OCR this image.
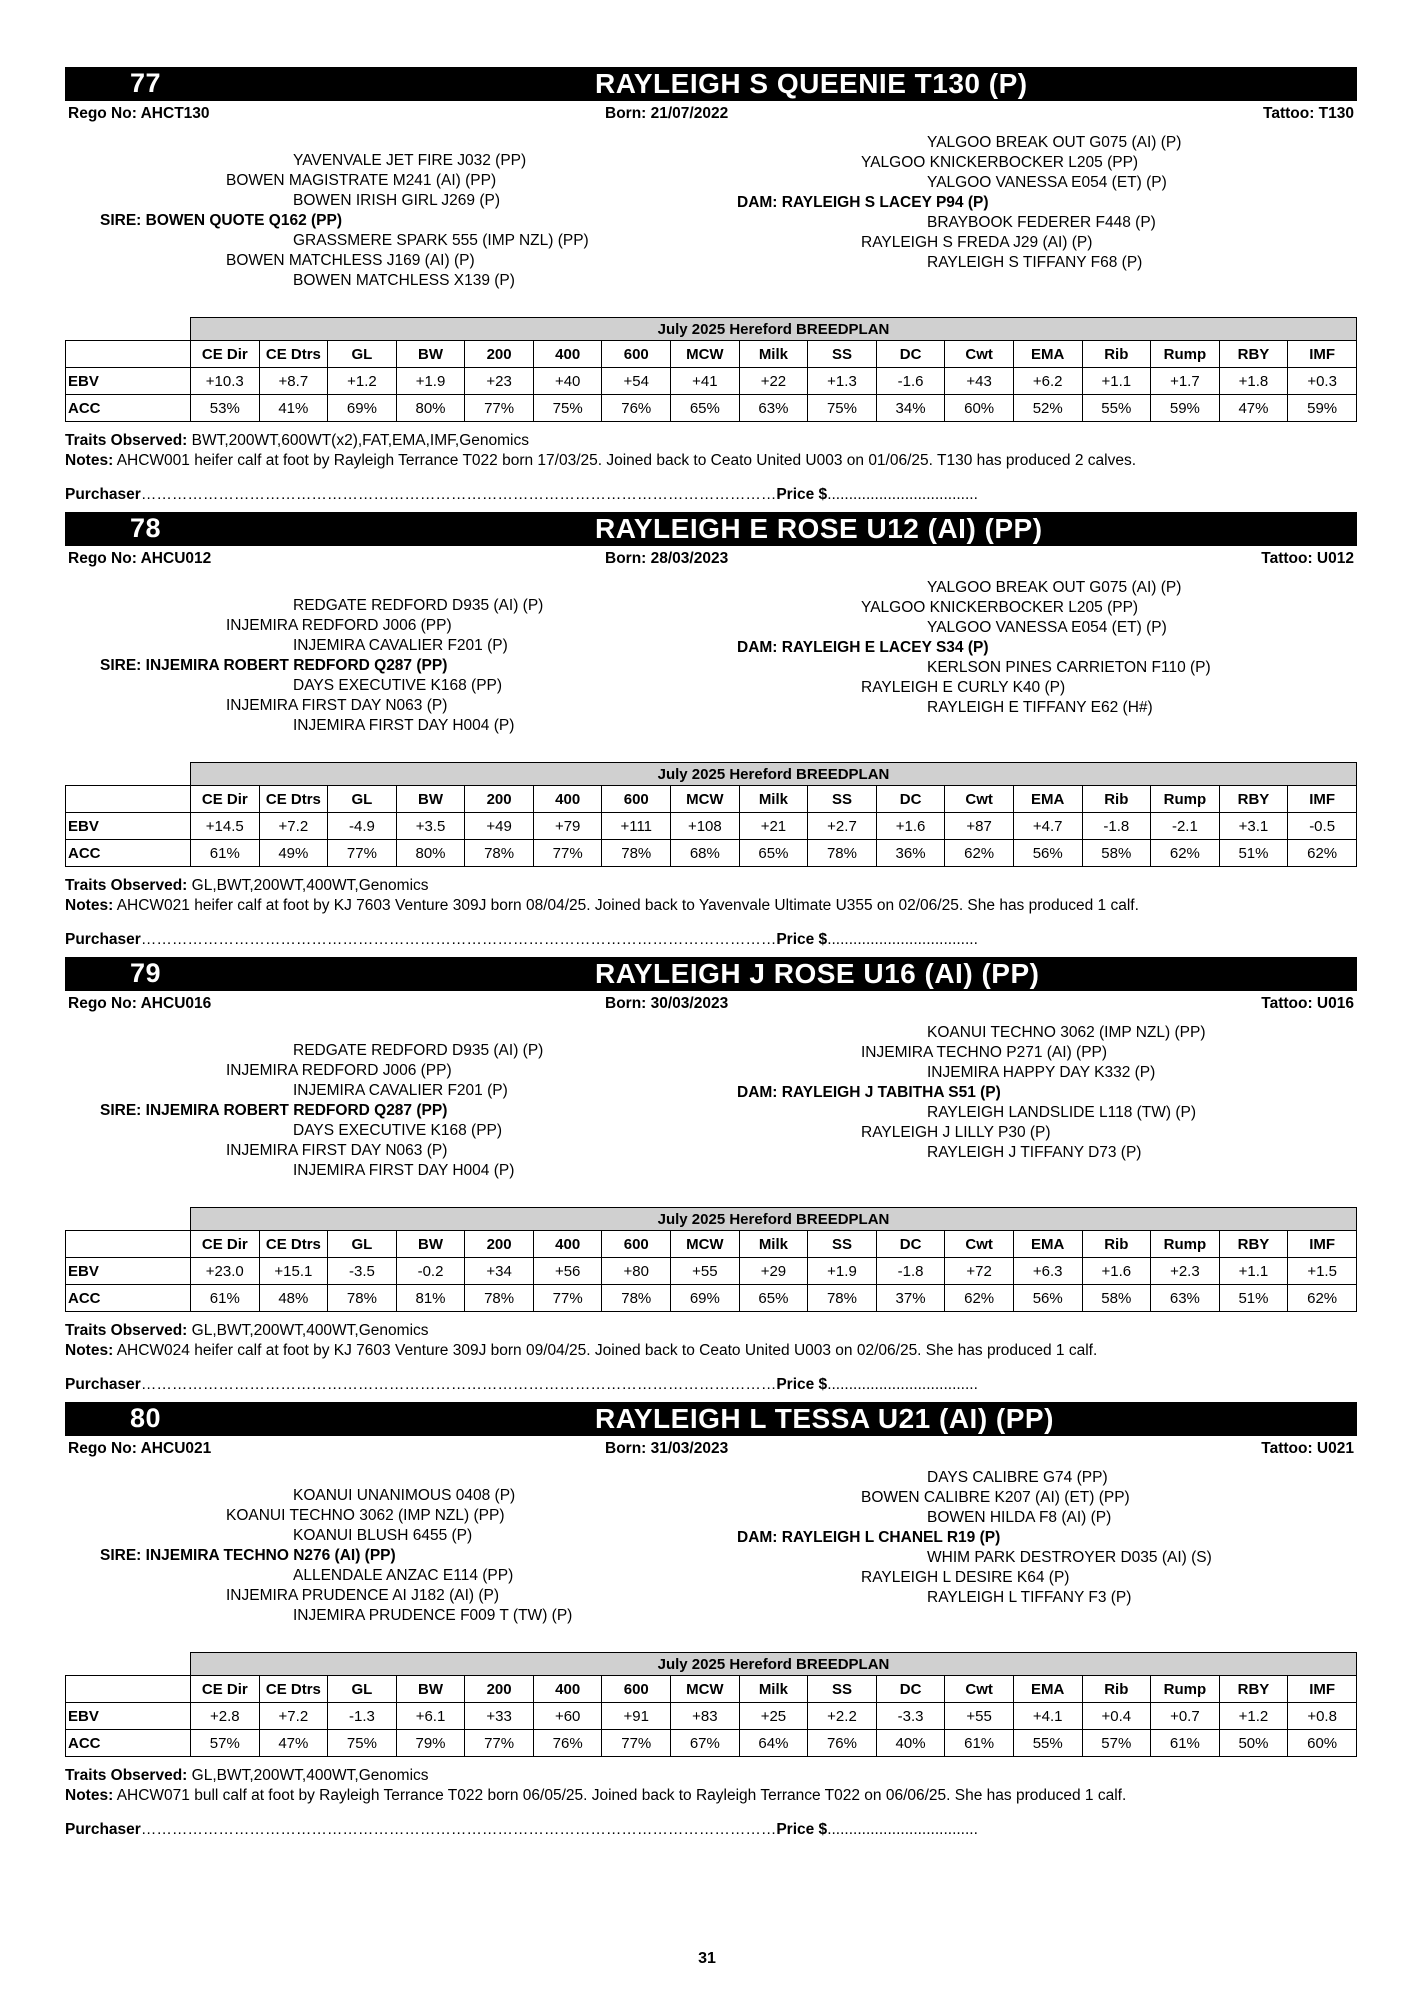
77	RAYLEIGH S QUEENIE T130 (P)
Rego No: AHCT130	Born: 21/07/2022	Tattoo: T130
YAVENVALE JET FIRE J032 (PP)
BOWEN MAGISTRATE M241 (AI) (PP)
BOWEN IRISH GIRL J269 (P)
SIRE: BOWEN QUOTE Q162 (PP)
GRASSMERE SPARK 555 (IMP NZL) (PP)
BOWEN MATCHLESS J169 (AI) (P)
BOWEN MATCHLESS X139 (P)
YALGOO BREAK OUT G075 (AI) (P)
YALGOO KNICKERBOCKER L205 (PP)
YALGOO VANESSA E054 (ET) (P)
DAM: RAYLEIGH S LACEY P94 (P)
BRAYBOOK FEDERER F448 (P)
RAYLEIGH S FREDA J29 (AI) (P)
RAYLEIGH S TIFFANY F68 (P)
	July 2025 Hereford BREEDPLAN																
	CE Dir	CE Dtrs	GL	BW	200	400	600	MCW	Milk	SS	DC	Cwt	EMA	Rib	Rump	RBY	IMF
EBV	+10.3	+8.7	+1.2	+1.9	+23	+40	+54	+41	+22	+1.3	-1.6	+43	+6.2	+1.1	+1.7	+1.8	+0.3
ACC	53%	41%	69%	80%	77%	75%	76%	65%	63%	75%	34%	60%	52%	55%	59%	47%	59%
Traits Observed: BWT,200WT,600WT(x2),FAT,EMA,IMF,Genomics
Notes: AHCW001 heifer calf at foot by Rayleigh Terrance T022 born 17/03/25. Joined back to Ceato United U003 on 01/06/25. T130 has produced 2 calves.
Purchaser……………………………………………………………………………………………………………Price $...................................
78	RAYLEIGH E ROSE U12 (AI) (PP)
Rego No: AHCU012	Born: 28/03/2023	Tattoo: U012
REDGATE REDFORD D935 (AI) (P)
INJEMIRA REDFORD J006 (PP)
INJEMIRA CAVALIER F201 (P)
SIRE: INJEMIRA ROBERT REDFORD Q287 (PP)
DAYS EXECUTIVE K168 (PP)
INJEMIRA FIRST DAY N063 (P)
INJEMIRA FIRST DAY H004 (P)
YALGOO BREAK OUT G075 (AI) (P)
YALGOO KNICKERBOCKER L205 (PP)
YALGOO VANESSA E054 (ET) (P)
DAM: RAYLEIGH E LACEY S34 (P)
KERLSON PINES CARRIETON F110 (P)
RAYLEIGH E CURLY K40 (P)
RAYLEIGH E TIFFANY E62 (H#)
	July 2025 Hereford BREEDPLAN																
	CE Dir	CE Dtrs	GL	BW	200	400	600	MCW	Milk	SS	DC	Cwt	EMA	Rib	Rump	RBY	IMF
EBV	+14.5	+7.2	-4.9	+3.5	+49	+79	+111	+108	+21	+2.7	+1.6	+87	+4.7	-1.8	-2.1	+3.1	-0.5
ACC	61%	49%	77%	80%	78%	77%	78%	68%	65%	78%	36%	62%	56%	58%	62%	51%	62%
Traits Observed: GL,BWT,200WT,400WT,Genomics
Notes: AHCW021 heifer calf at foot by KJ 7603 Venture 309J born 08/04/25. Joined back to Yavenvale Ultimate U355 on 02/06/25. She has produced 1 calf.
Purchaser……………………………………………………………………………………………………………Price $...................................
79	RAYLEIGH J ROSE U16 (AI) (PP)
Rego No: AHCU016	Born: 30/03/2023	Tattoo: U016
REDGATE REDFORD D935 (AI) (P)
INJEMIRA REDFORD J006 (PP)
INJEMIRA CAVALIER F201 (P)
SIRE: INJEMIRA ROBERT REDFORD Q287 (PP)
DAYS EXECUTIVE K168 (PP)
INJEMIRA FIRST DAY N063 (P)
INJEMIRA FIRST DAY H004 (P)
KOANUI TECHNO 3062 (IMP NZL) (PP)
INJEMIRA TECHNO P271 (AI) (PP)
INJEMIRA HAPPY DAY K332 (P)
DAM: RAYLEIGH J TABITHA S51 (P)
RAYLEIGH LANDSLIDE L118 (TW) (P)
RAYLEIGH J LILLY P30 (P)
RAYLEIGH J TIFFANY D73 (P)
	July 2025 Hereford BREEDPLAN																
	CE Dir	CE Dtrs	GL	BW	200	400	600	MCW	Milk	SS	DC	Cwt	EMA	Rib	Rump	RBY	IMF
EBV	+23.0	+15.1	-3.5	-0.2	+34	+56	+80	+55	+29	+1.9	-1.8	+72	+6.3	+1.6	+2.3	+1.1	+1.5
ACC	61%	48%	78%	81%	78%	77%	78%	69%	65%	78%	37%	62%	56%	58%	63%	51%	62%
Traits Observed: GL,BWT,200WT,400WT,Genomics
Notes: AHCW024 heifer calf at foot by KJ 7603 Venture 309J born 09/04/25. Joined back to Ceato United U003 on 02/06/25. She has produced 1 calf.
Purchaser……………………………………………………………………………………………………………Price $...................................
80	RAYLEIGH L TESSA U21 (AI) (PP)
Rego No: AHCU021	Born: 31/03/2023	Tattoo: U021
KOANUI UNANIMOUS 0408 (P)
KOANUI TECHNO 3062 (IMP NZL) (PP)
KOANUI BLUSH 6455 (P)
SIRE: INJEMIRA TECHNO N276 (AI) (PP)
ALLENDALE ANZAC E114 (PP)
INJEMIRA PRUDENCE AI J182 (AI) (P)
INJEMIRA PRUDENCE F009 T (TW) (P)
DAYS CALIBRE G74 (PP)
BOWEN CALIBRE K207 (AI) (ET) (PP)
BOWEN HILDA F8 (AI) (P)
DAM: RAYLEIGH L CHANEL R19 (P)
WHIM PARK DESTROYER D035 (AI) (S)
RAYLEIGH L DESIRE K64 (P)
RAYLEIGH L TIFFANY F3 (P)
	July 2025 Hereford BREEDPLAN																
	CE Dir	CE Dtrs	GL	BW	200	400	600	MCW	Milk	SS	DC	Cwt	EMA	Rib	Rump	RBY	IMF
EBV	+2.8	+7.2	-1.3	+6.1	+33	+60	+91	+83	+25	+2.2	-3.3	+55	+4.1	+0.4	+0.7	+1.2	+0.8
ACC	57%	47%	75%	79%	77%	76%	77%	67%	64%	76%	40%	61%	55%	57%	61%	50%	60%
Traits Observed: GL,BWT,200WT,400WT,Genomics
Notes: AHCW071 bull calf at foot by Rayleigh Terrance T022 born 06/05/25. Joined back to Rayleigh Terrance T022 on 06/06/25. She has produced 1 calf.
Purchaser……………………………………………………………………………………………………………Price $...................................
31
